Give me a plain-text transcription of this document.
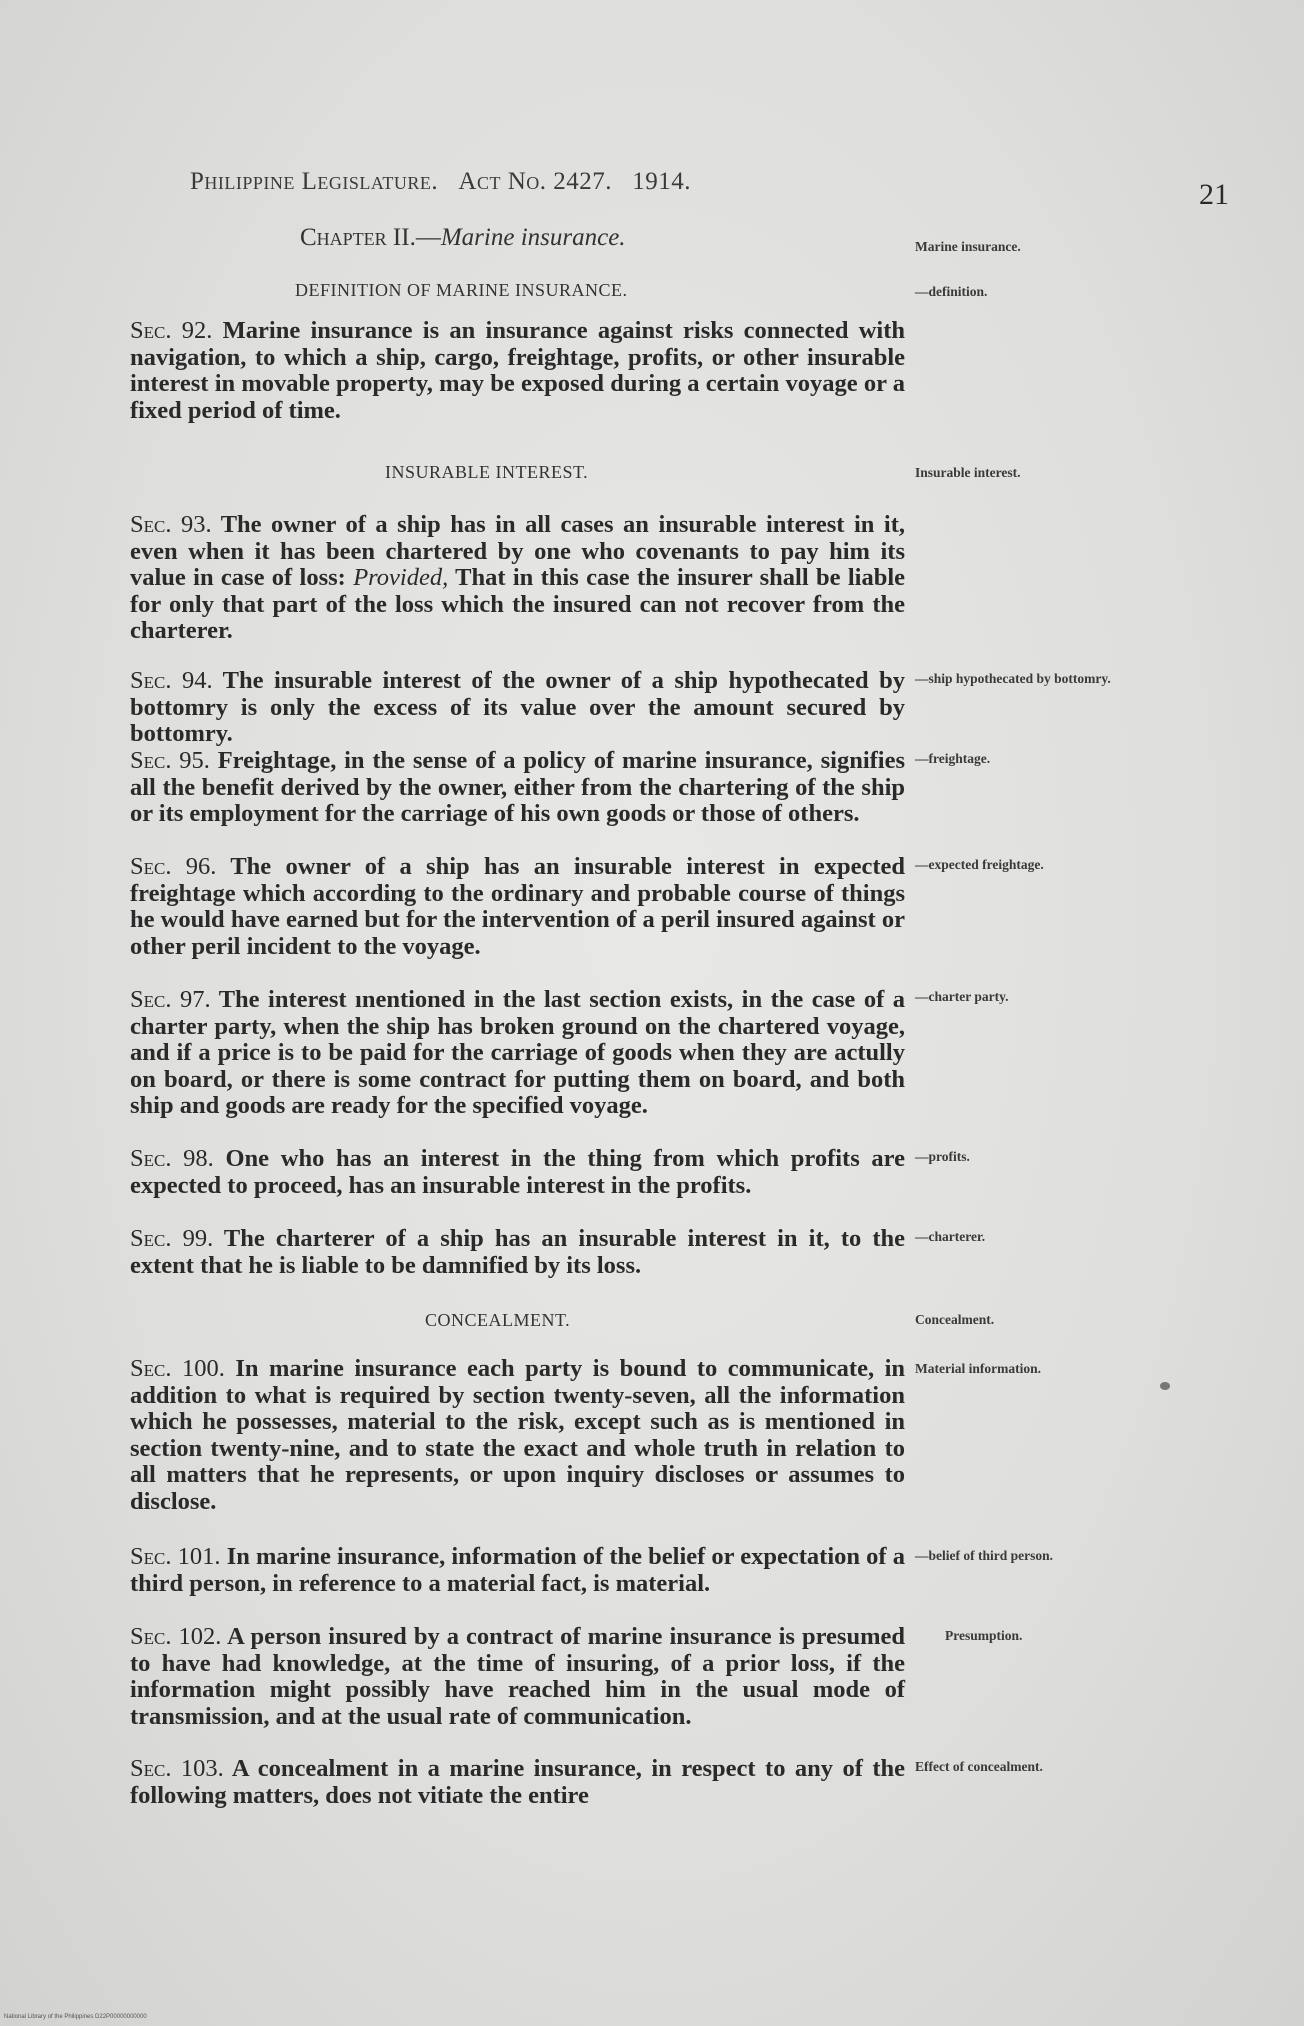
Philippine Legislature. Act No. 2427. 1914.	21
Chapter II.—Marine insurance.	Marine insurance.
DEFINITION OF MARINE INSURANCE.	—definition.
Sec. 92. Marine insurance is an insurance against risks connected with navigation, to which a ship, cargo, freightage, profits, or other insurable interest in movable property, may be exposed during a certain voyage or a fixed period of time.
INSURABLE INTEREST.	Insurable interest.
Sec. 93. The owner of a ship has in all cases an insurable interest in it, even when it has been chartered by one who covenants to pay him its value in case of loss: Provided, That in this case the insurer shall be liable for only that part of the loss which the insured can not recover from the charterer.
Sec. 94. The insurable interest of the owner of a ship hypothecated by bottomry is only the excess of its value over the amount secured by bottomry.
—ship hypothecated by bottomry.
Sec. 95. Freightage, in the sense of a policy of marine insurance, signifies all the benefit derived by the owner, either from the chartering of the ship or its employment for the carriage of his own goods or those of others.
—freightage.
Sec. 96. The owner of a ship has an insurable interest in expected freightage which according to the ordinary and probable course of things he would have earned but for the intervention of a peril insured against or other peril incident to the voyage.
—expected freightage.
Sec. 97. The interest ınentioned in the last section exists, in the case of a charter party, when the ship has broken ground on the chartered voyage, and if a price is to be paid for the carriage of goods when they are actully on board, or there is some contract for putting them on board, and both ship and goods are ready for the specified voyage.
—charter party.
Sec. 98. One who has an interest in the thing from which profits are expected to proceed, has an insurable interest in the profits.
—profits.
Sec. 99. The charterer of a ship has an insurable interest in it, to the extent that he is liable to be damnified by its loss.
—charterer.
CONCEALMENT.	Concealment.
Sec. 100. In marine insurance each party is bound to communicate, in addition to what is required by section twenty-seven, all the information which he possesses, material to the risk, except such as is mentioned in section twenty-nine, and to state the exact and whole truth in relation to all matters that he represents, or upon inquiry discloses or assumes to disclose.
Material information.
Sec. 101. In marine insurance, information of the belief or expectation of a third person, in reference to a material fact, is material.
—belief of third person.
Sec. 102. A person insured by a contract of marine insurance is presumed to have had knowledge, at the time of insuring, of a prior loss, if the information might possibly have reached him in the usual mode of transmission, and at the usual rate of communication.
Presumption.
Sec. 103. A concealment in a marine insurance, in respect to any of the following matters, does not vitiate the entire
Effect of concealment.
National Library of the Philippines D22P00000000000
